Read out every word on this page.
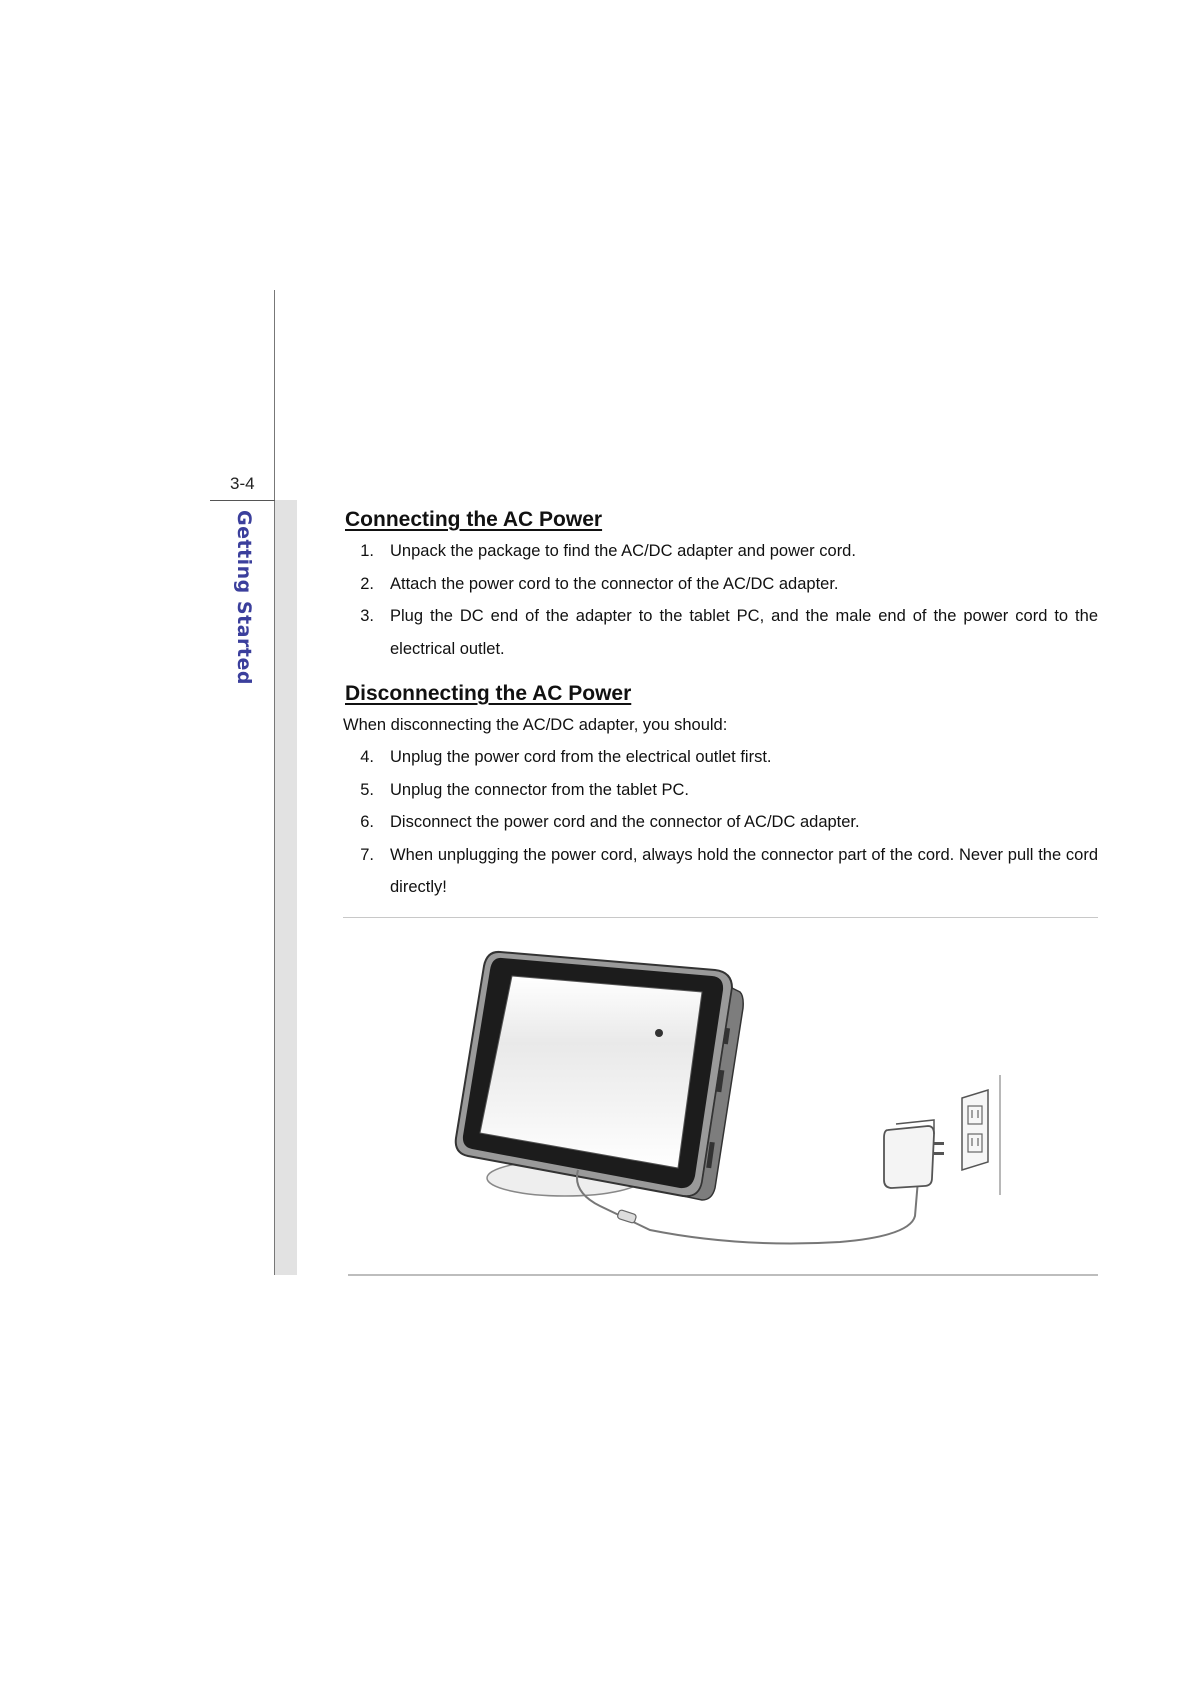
3-4
Getting Started	Connecting the AC Power
1. Unpack the package to find the AC/DC adapter and power cord.
2. Attach the power cord to the connector of the AC/DC adapter.
3. Plug the DC end of the adapter to the tablet PC, and the male end of the power cord to the electrical outlet.
Disconnecting the AC Power

When disconnecting the AC/DC adapter, you should:

4. Unplug the power cord from the electrical outlet first.
5. Unplug the connector from the tablet PC.
6. Disconnect the power cord and the connector of AC/DC adapter.
7. When unplugging the power cord, always hold the connector part of the cord. Never pull the cord directly!
